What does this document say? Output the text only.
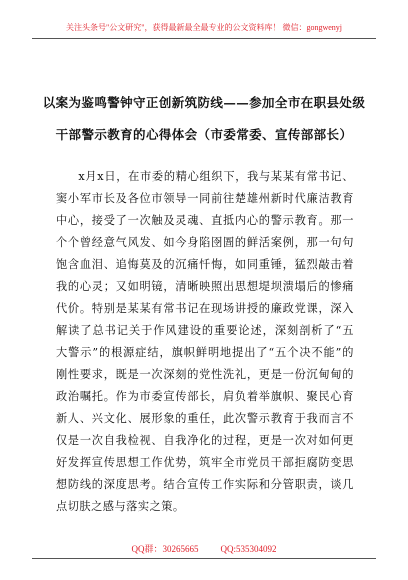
关注头条号"公文研究"，获得最新最全最专业的公文资料库！ 微信：gongwenyj
以案为鉴鸣警钟守正创新筑防线——参加全市在职县处级
干部警示教育的心得体会（市委常委、宣传部部长）

x月x日，在市委的精心组织下，我与某某有常书记、窦小军市长及各位市领导一同前往楚雄州新时代廉洁教育中心，接受了一次触及灵魂、直抵内心的警示教育。那一个个曾经意气风发、如今身陷囹圄的鲜活案例，那一句句饱含血泪、追悔莫及的沉痛忏悔，如同重锤，猛烈敲击着我的心灵；又如明镜，清晰映照出思想堤坝溃塌后的惨痛代价。特别是某某有常书记在现场讲授的廉政党课，深入解读了总书记关于作风建设的重要论述，深刻剖析了“五大警示”的根源症结，旗帜鲜明地提出了“五个决不能”的刚性要求，既是一次深刻的党性洗礼，更是一份沉甸甸的政治嘱托。作为市委宣传部长，肩负着举旗帜、聚民心育新人、兴文化、展形象的重任，此次警示教育于我而言不仅是一次自我检视、自我净化的过程，更是一次对如何更好发挥宣传思想工作优势，筑牢全市党员干部拒腐防变思想防线的深度思考。结合宣传工作实际和分管职责，谈几点切肤之感与落实之策。

QQ群：30265665 QQ:535304092
